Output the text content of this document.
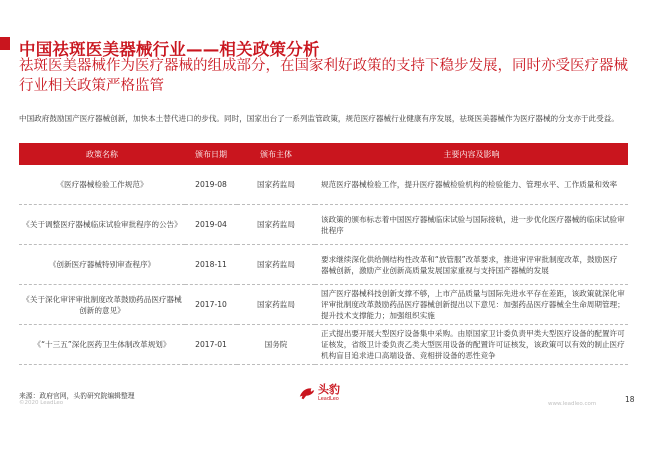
中国祛斑医美器械行业——相关政策分析
祛斑医美器械作为医疗器械的组成部分，在国家利好政策的支持下稳步发展，同时亦受医疗器械行业相关政策严格监管
中国政府鼓励国产医疗器械创新，加快本土替代进口的步伐。同时，国家出台了一系列监管政策，规范医疗器械行业健康有序发展，祛斑医美器械作为医疗器械的分支亦于此受益。
政策名称	颁布日期	颁布主体	主要内容及影响
《医疗器械检验工作规范》	2019-08	国家药监局	规范医疗器械检验工作，提升医疗器械检验机构的检验能力、管理水平、工作质量和效率
《关于调整医疗器械临床试验审批程序的公告》	2019-04	国家药监局	该政策的颁布标志着中国医疗器械临床试验与国际接轨，进一步优化医疗器械的临床试验审批程序
《创新医疗器械特别审查程序》	2018-11	国家药监局	要求继续深化供给侧结构性改革和“放管服”改革要求，推进审评审批制度改革，鼓励医疗器械创新，激励产业创新高质量发展国家重视与支持国产器械的发展
《关于深化审评审批制度改革鼓励药品医疗器械创新的意见》	2017-10	国家药监局	国产医疗器械科技创新支撑不够，上市产品质量与国际先进水平存在差距，该政策就深化审评审批制度改革鼓励药品医疗器械创新提出以下意见：加强药品医疗器械全生命周期管理；提升技术支撑能力；加强组织实施
《“十三五”深化医药卫生体制改革规划》	2017-01	国务院	正式提出要开展大型医疗设备集中采购。由原国家卫计委负责甲类大型医疗设备的配置许可证核发，省级卫计委负责乙类大型医用设备的配置许可证核发，该政策可以有效的制止医疗机构盲目追求进口高端设备、竞相拼设备的恶性竞争
来源：政府官网，头豹研究院编辑整理
©2020 LeadLeo
头豹
LeadLeo
www.leadleo.com	18
